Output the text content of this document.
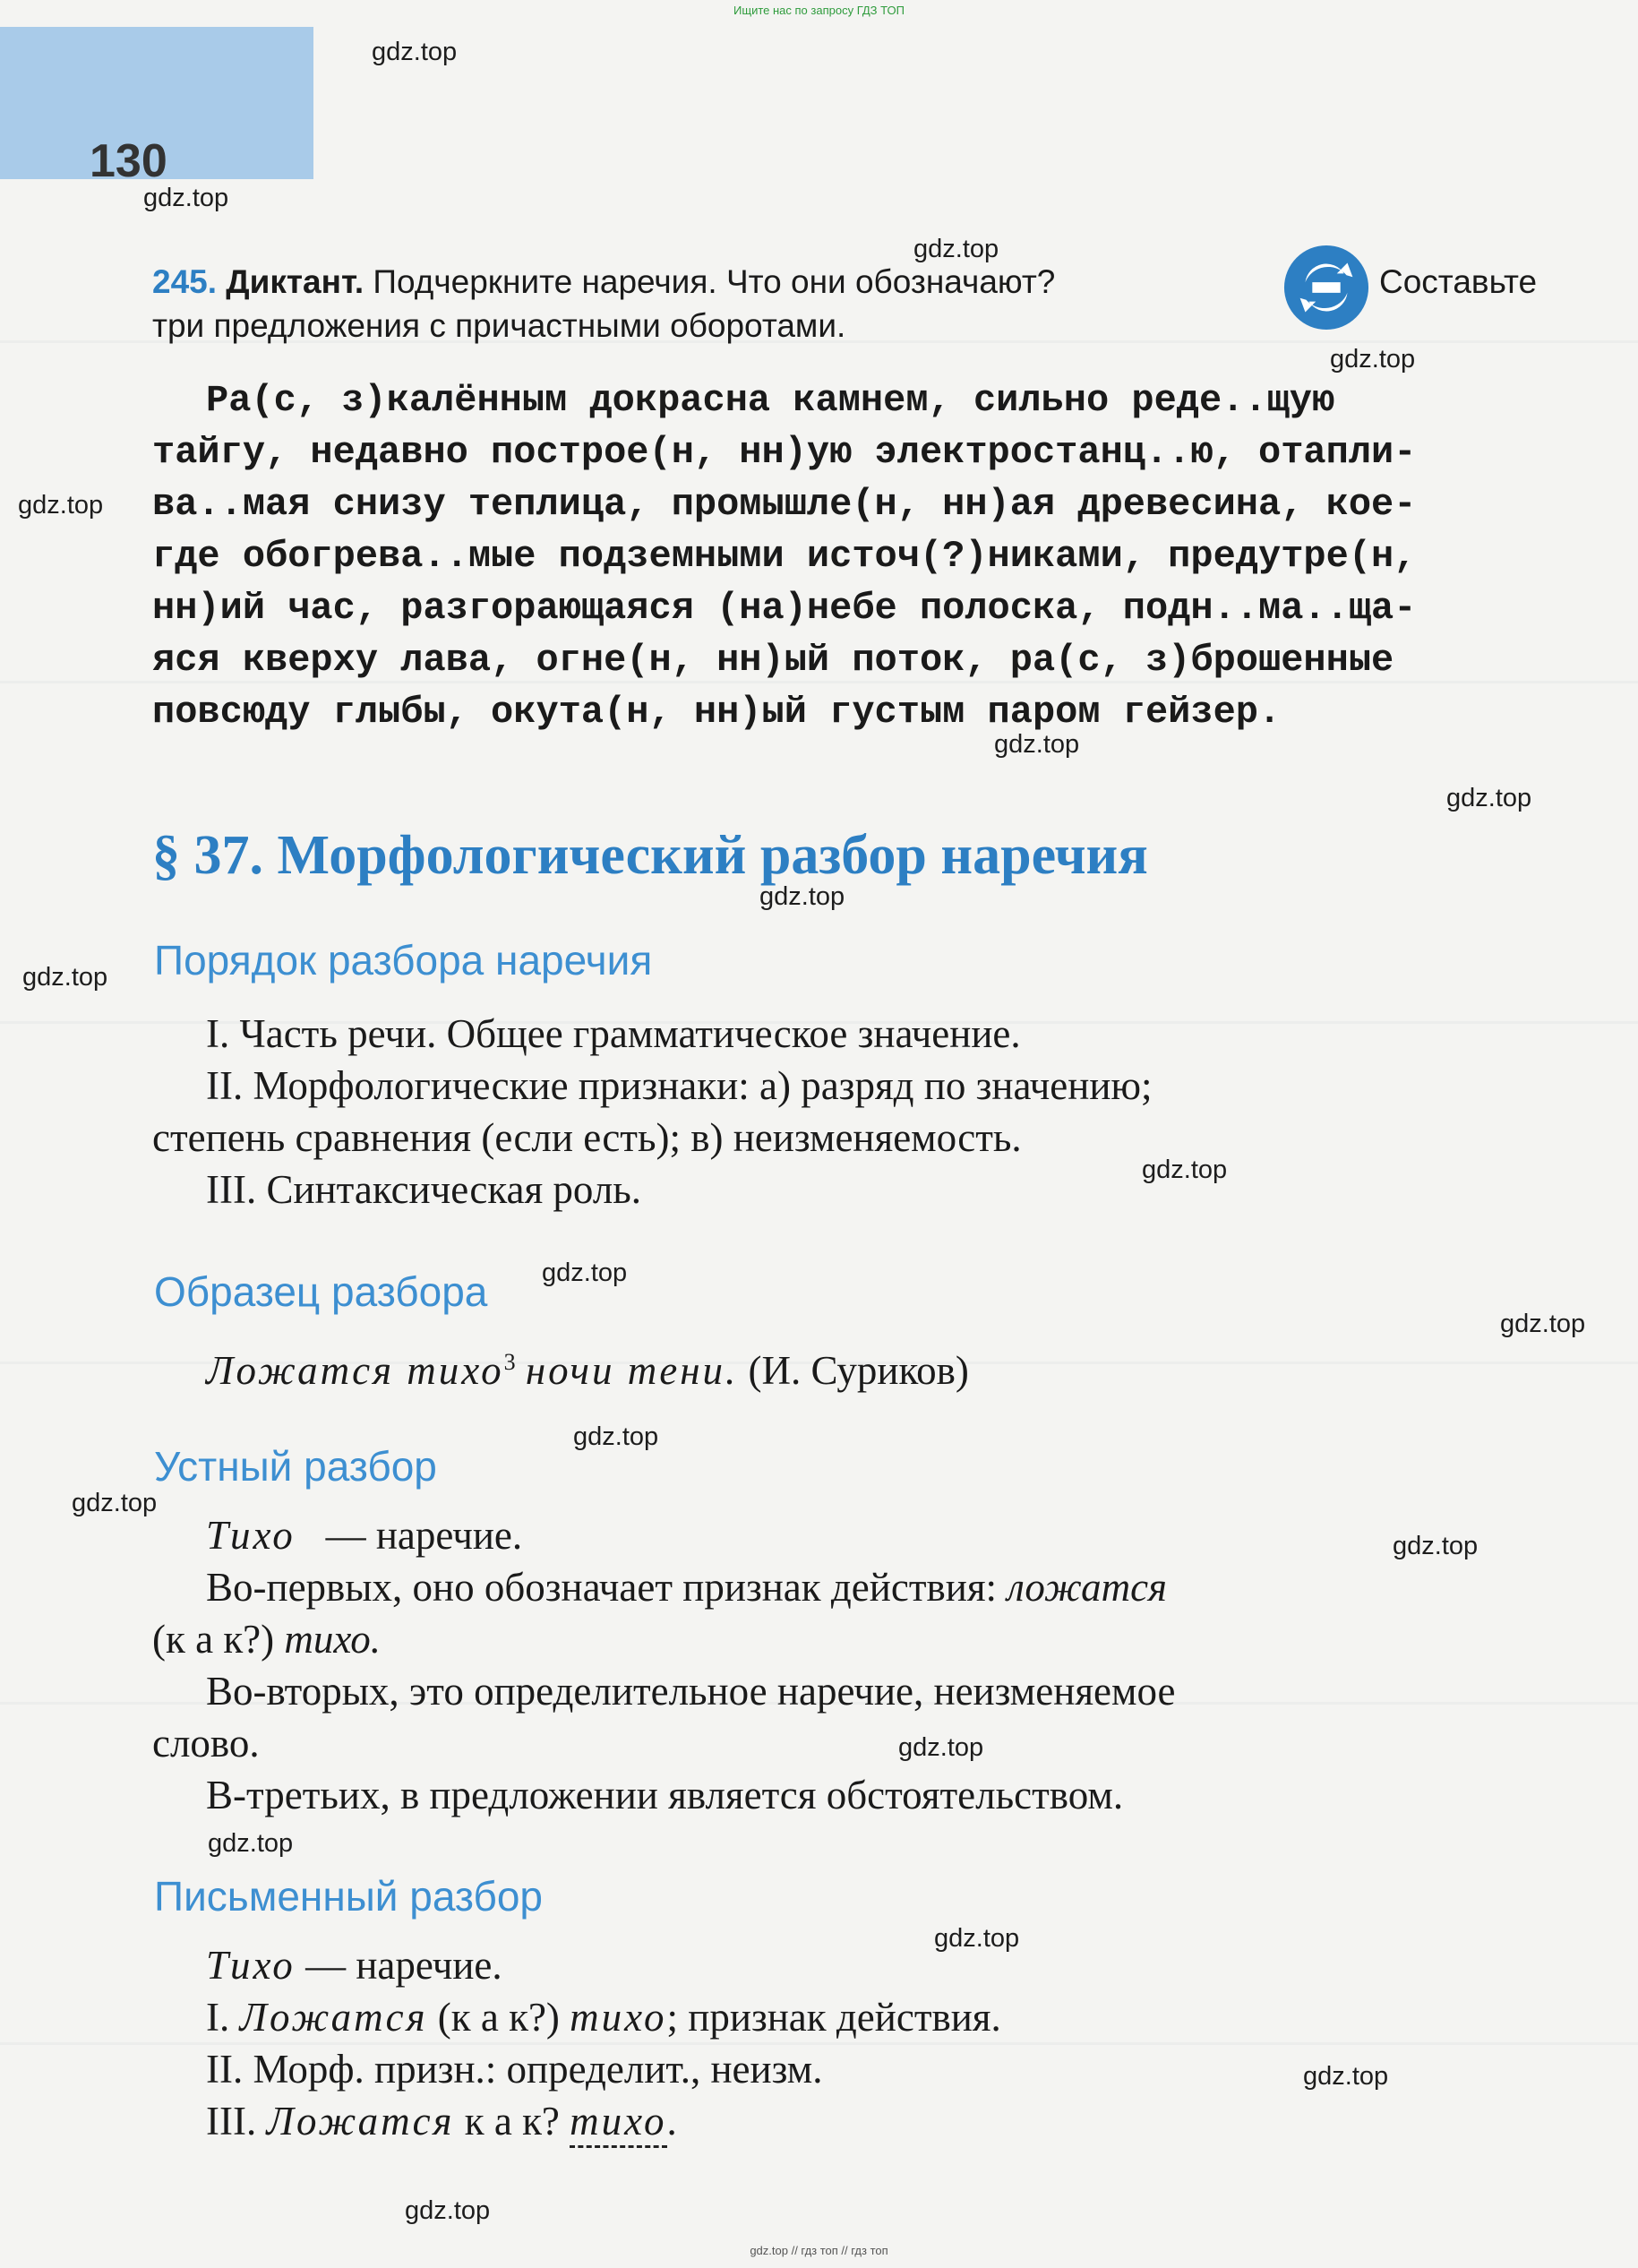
Ищите нас по запросу ГДЗ ТОП
130
245. Диктант. Подчеркните наречия. Что они обозначают?	Составьте
три предложения с причастными оборотами.

Ра(с, з)калённым докрасна камнем, сильно реде..щую

тайгу, недавно построе(н, нн)ую электростанц..ю, отапли-

ва..мая снизу теплица, промышле(н, нн)ая древесина, кое-

где обогрева..мые подземными источ(?)никами, предутре(н,

нн)ий час, разгорающаяся (на)небе полоска, подн..ма..ща-

яся кверху лава, огне(н, нн)ый поток, ра(с, з)брошенные

повсюду глыбы, окута(н, нн)ый густым паром гейзер.

§ 37. Морфологический разбор наречия
Порядок разбора наречия

I. Часть речи. Общее грамматическое значение.

II. Морфологические признаки: а) разряд по значению;

степень сравнения (если есть); в) неизменяемость.

III. Синтаксическая роль.

Образец разбора
Ложатся тихо$^3$ ночи тени. (И. Суриков)
Устный разбор

Тихо — наречие.

Во-первых, оно обозначает признак действия: ложатся

(к а к?) тихо.

Во-вторых, это определительное наречие, неизменяемое

слово.

В-третьих, в предложении является обстоятельством.

Письменный разбор

Тихо — наречие.

I. Ложатся (к а к?) тихо; признак действия.

II. Морф. призн.: определит., неизм.

III. Ложатся к а к? тихо.

gdz.top
gdz.top
gdz.top
gdz.top
gdz.top
gdz.top
gdz.top
gdz.top
gdz.top
gdz.top
gdz.top
gdz.top
gdz.top
gdz.top
gdz.top
gdz.top
gdz.top
gdz.top
gdz.top
gdz.top
gdz.top // гдз топ // гдз топ
